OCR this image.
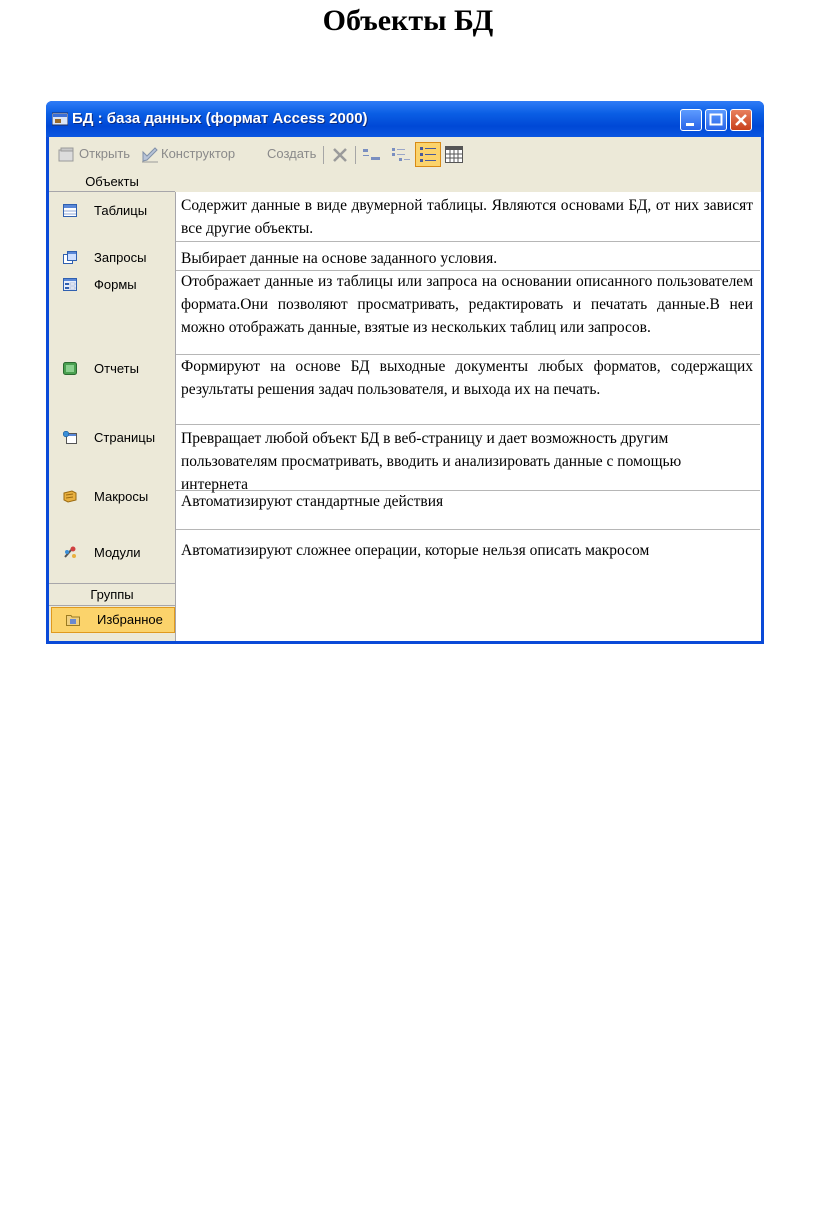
Объекты БД
БД : база данных (формат Access 2000)
Открыть Конструктор Создать
Объекты
Таблицы
Запросы
Формы
Отчеты
Страницы
Макросы
Модули
Группы
Избранное
Содержит данные в виде двумерной таблицы. Являются основами БД, от них зависят все другие объекты.
Выбирает данные на основе заданного условия.
Отображает данные из таблицы или запроса на основании описанного пользователем формата.Они позволяют просматривать, редактировать и печатать данные.В неи можно отображать данные, взятые из нескольких таблиц или запросов.
Формируют на основе БД выходные документы любых форматов, содержащих результаты решения задач пользователя, и выхода их на печать.
Превращает любой объект БД в веб-страницу и дает возможность другим пользователям просматривать, вводить и анализировать данные с помощью интернета
Автоматизируют стандартные действия
Автоматизируют сложнее операции, которые нельзя описать макросом
